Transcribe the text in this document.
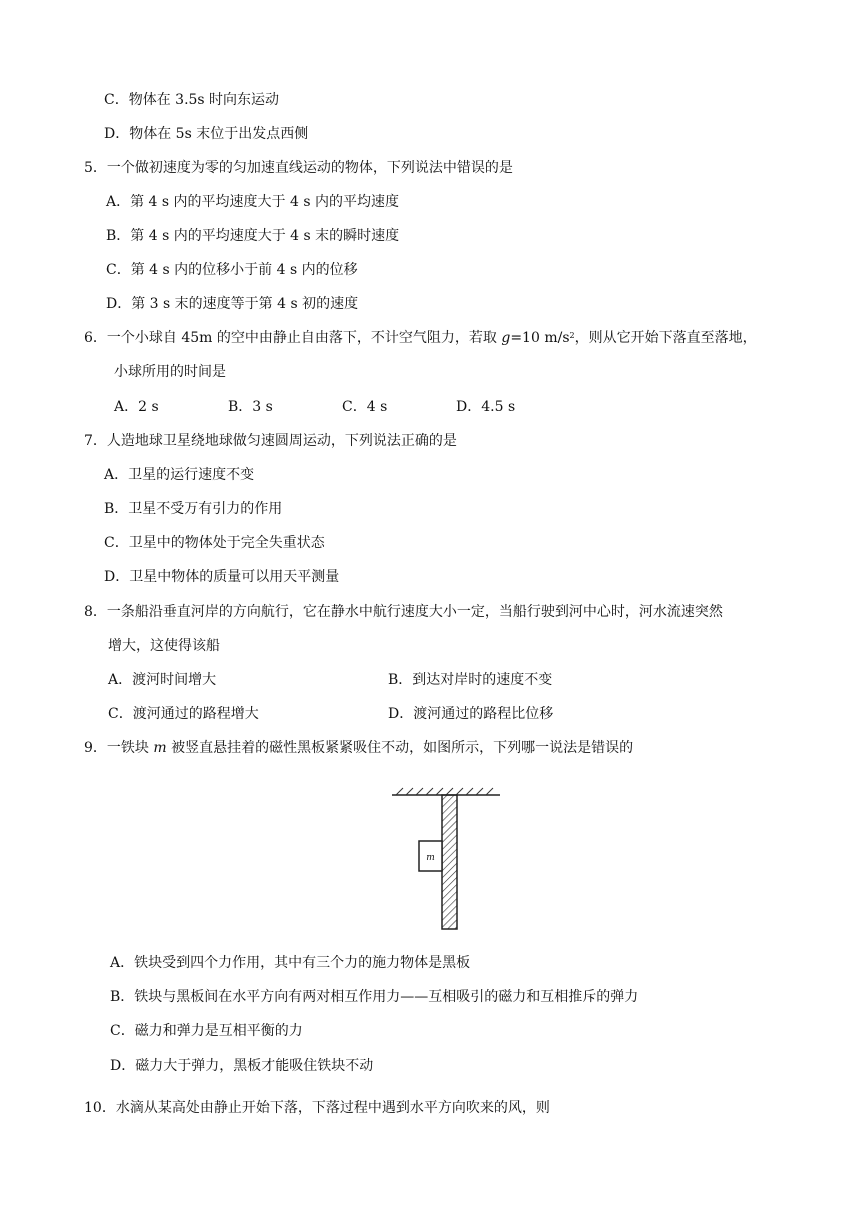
C．物体在 3.5s 时向东运动
D．物体在 5s 末位于出发点西侧
5．一个做初速度为零的匀加速直线运动的物体，下列说法中错误的是
A．第 4 s 内的平均速度大于 4 s 内的平均速度
B．第 4 s 内的平均速度大于 4 s 末的瞬时速度
C．第 4 s 内的位移小于前 4 s 内的位移
D．第 3 s 末的速度等于第 4 s 初的速度
6．一个小球自 45m 的空中由静止自由落下，不计空气阻力，若取 g=10 $m/s^2$，则从它开始下落直至落地，
小球所用的时间是
A．2 s	B．3 s	C．4 s	D．4.5 s
7．人造地球卫星绕地球做匀速圆周运动，下列说法正确的是
A．卫星的运行速度不变
B．卫星不受万有引力的作用
C．卫星中的物体处于完全失重状态
D．卫星中物体的质量可以用天平测量
8．一条船沿垂直河岸的方向航行，它在静水中航行速度大小一定，当船行驶到河中心时，河水流速突然
增大，这使得该船
A．渡河时间增大	B．到达对岸时的速度不变
C．渡河通过的路程增大	D．渡河通过的路程比位移
9．一铁块 m 被竖直悬挂着的磁性黑板紧紧吸住不动，如图所示，下列哪一说法是错误的
m
A．铁块受到四个力作用，其中有三个力的施力物体是黑板
B．铁块与黑板间在水平方向有两对相互作用力——互相吸引的磁力和互相推斥的弹力
C．磁力和弹力是互相平衡的力
D．磁力大于弹力，黑板才能吸住铁块不动
10．水滴从某高处由静止开始下落，下落过程中遇到水平方向吹来的风，则
